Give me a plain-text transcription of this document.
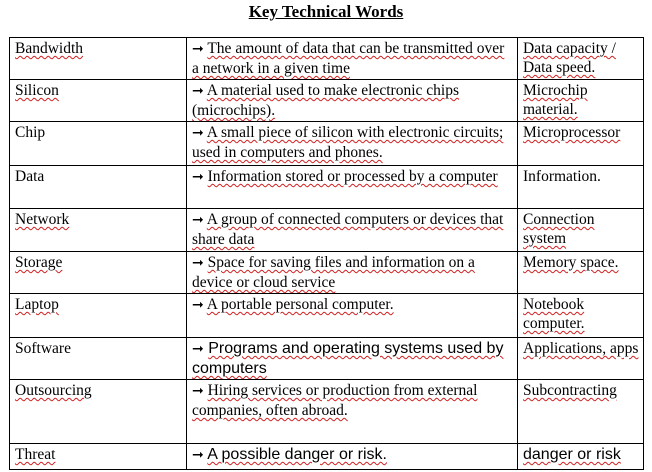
Key Technical Words
Bandwidth	➞ The amount of data that can be transmitted over a network in a given time	Data capacity / Data speed.
Silicon	➞ A material used to make electronic chips (microchips).	Microchip material.
Chip	➞ A small piece of silicon with electronic circuits; used in computers and phones.	Microprocessor
Data	➞ Information stored or processed by a computer	Information.
Network	➞ A group of connected computers or devices that share data	Connection system
Storage	➞ Space for saving files and information on a device or cloud service	Memory space.
Laptop	➞ A portable personal computer.	Notebook computer.
Software	➞ Programs and operating systems used by computers	Applications, apps
Outsourcing	➞ Hiring services or production from external companies, often abroad.	Subcontracting
Threat	➞ A possible danger or risk.	danger or risk
